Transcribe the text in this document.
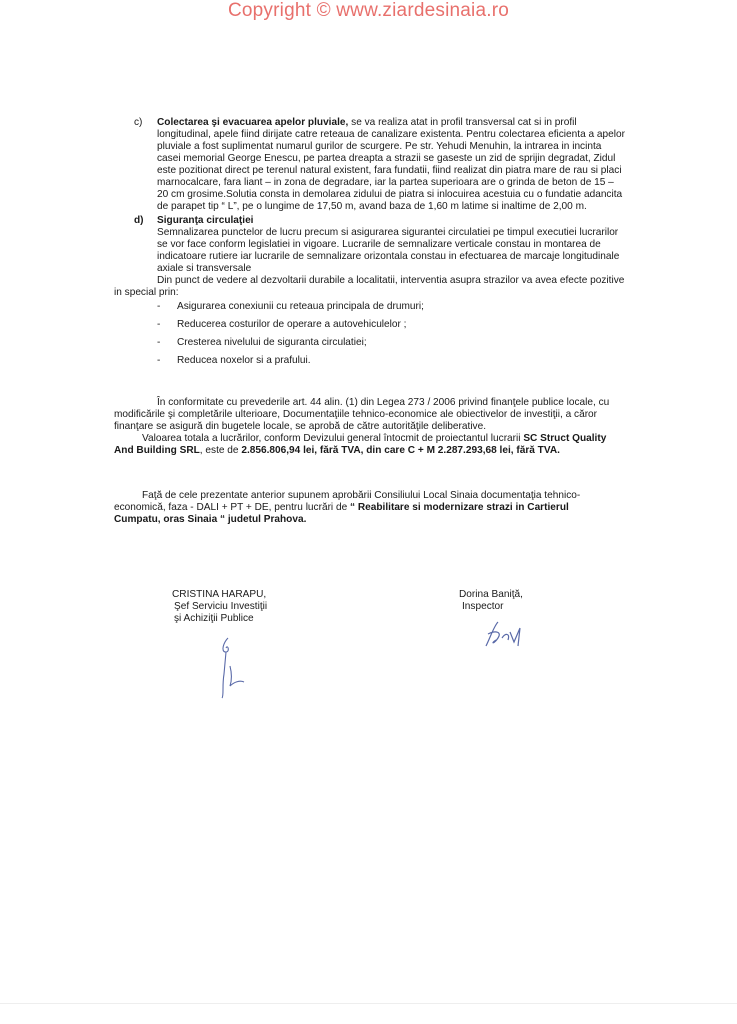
Copyright © www.ziardesinaia.ro
c) Colectarea şi evacuarea apelor pluviale, se va realiza atat in profil transversal cat si in profil
longitudinal, apele fiind dirijate catre reteaua de canalizare existenta. Pentru colectarea eficienta a apelor
pluviale a fost suplimentat numarul gurilor de scurgere. Pe str. Yehudi Menuhin, la intrarea in incinta
casei memorial George Enescu, pe partea dreapta a strazii se gaseste un zid de sprijin degradat, Zidul
este pozitionat direct pe terenul natural existent, fara fundatii, fiind realizat din piatra mare de rau si placi
marnocalcare, fara liant – in zona de degradare, iar la partea superioara are o grinda de beton de 15 –
20 cm grosime.Solutia consta in demolarea zidului de piatra si inlocuirea acestuia cu o fundatie adancita
de parapet tip “ L”, pe o lungime de 17,50 m, avand baza de 1,60 m latime si inaltime de 2,00 m.
d) Siguranţa circulaţiei
Semnalizarea punctelor de lucru precum si asigurarea sigurantei circulatiei pe timpul executiei lucrarilor
se vor face conform legislatiei in vigoare. Lucrarile de semnalizare verticale constau in montarea de
indicatoare rutiere iar lucrarile de semnalizare orizontala constau in efectuarea de marcaje longitudinale
axiale si transversale
Din punct de vedere al dezvoltarii durabile a localitatii, interventia asupra strazilor va avea efecte pozitive
in special prin:
- Asigurarea conexiunii cu reteaua principala de drumuri;
- Reducerea costurilor de operare a autovehiculelor ;
- Cresterea nivelului de siguranta circulatiei;
- Reducea noxelor si a prafului.
În conformitate cu prevederile art. 44 alin. (1) din Legea 273 / 2006 privind finanţele publice locale, cu
modificările şi completările ulterioare, Documentaţiile tehnico-economice ale obiectivelor de investiţii, a căror
finanţare se asigură din bugetele locale, se aprobă de către autorităţile deliberative.
Valoarea totala a lucrărilor, conform Devizului general întocmit de proiectantul lucrarii SC Struct Quality
And Building SRL, este de 2.856.806,94 lei, fără TVA, din care C + M 2.287.293,68 lei, fără TVA.
Faţă de cele prezentate anterior supunem aprobării Consiliului Local Sinaia documentaţia tehnico-
economică, faza - DALI + PT + DE, pentru lucrări de “ Reabilitare si modernizare strazi in Cartierul
Cumpatu, oras Sinaia “ judetul Prahova.
CRISTINA HARAPU,
Şef Serviciu Investiţii
şi Achiziţii Publice
Dorina Baniţă,
Inspector
